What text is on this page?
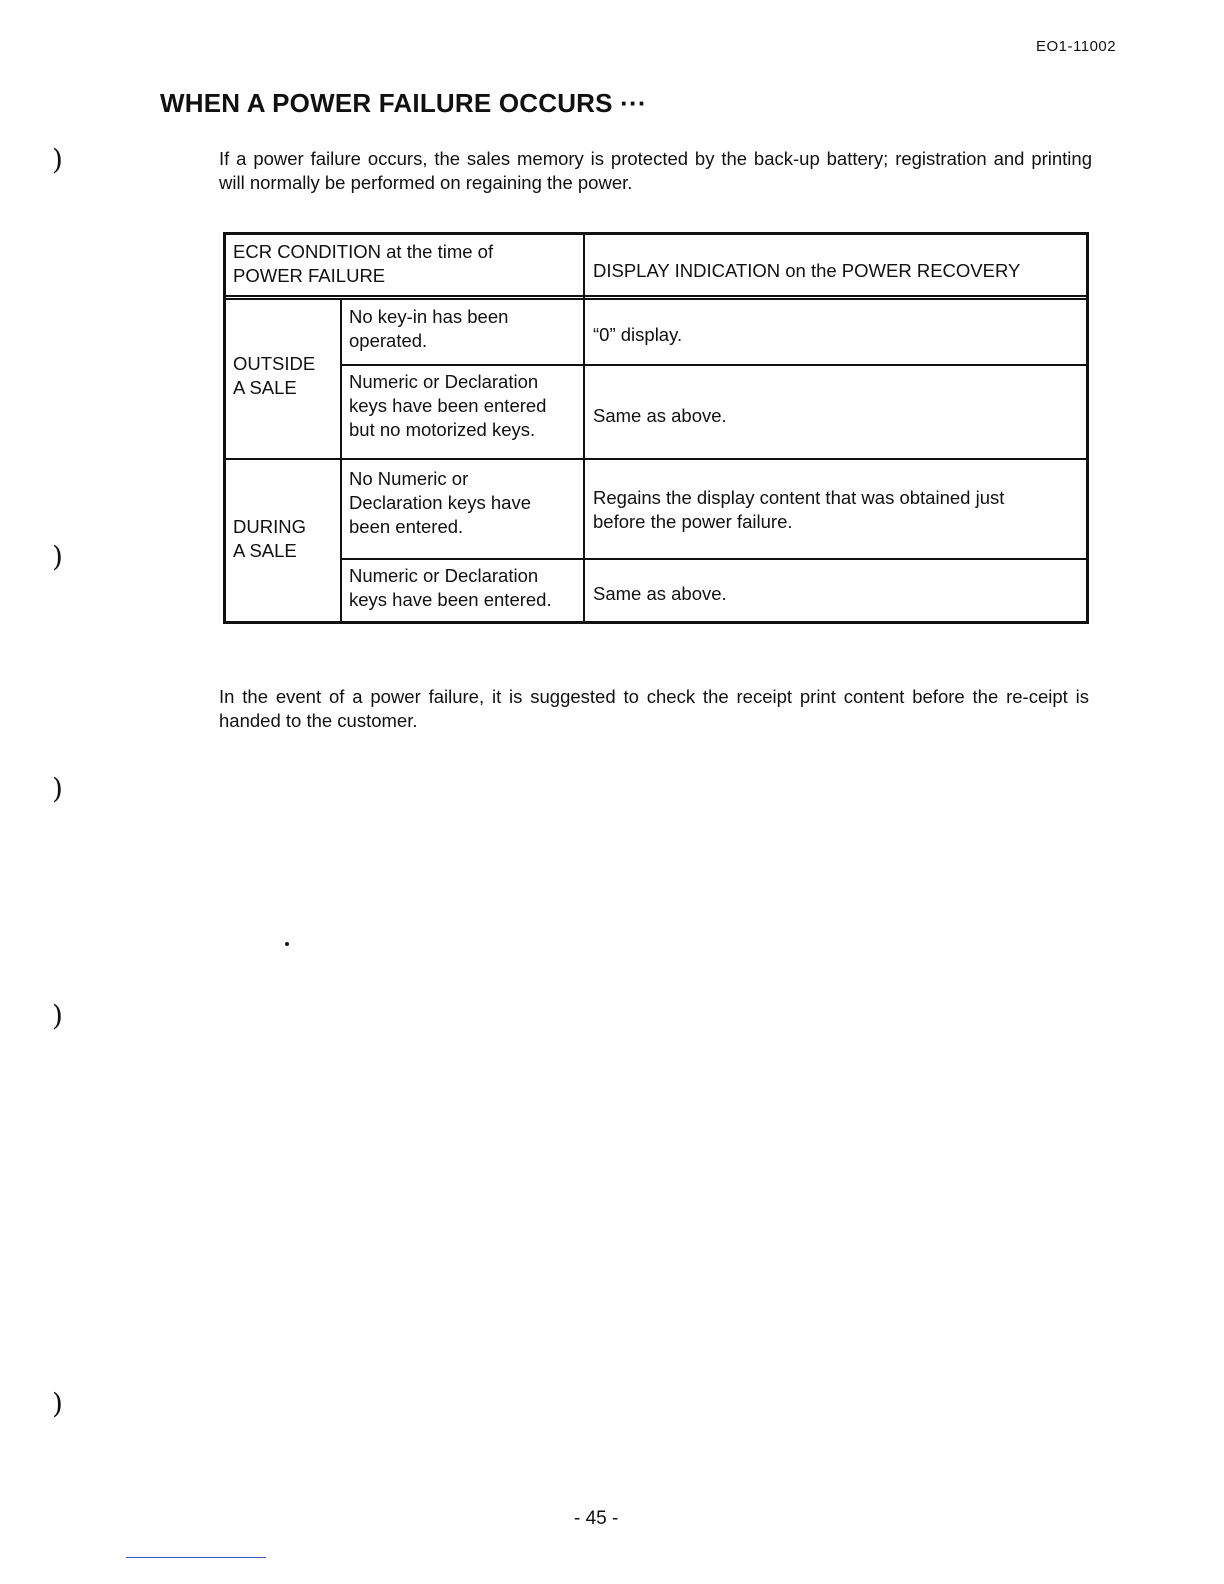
EO1-11002
WHEN A POWER FAILURE OCCURS ···

If a power failure occurs, the sales memory is protected by the back-up battery; registration and printing will normally be performed on regaining the power.

ECR CONDITION at the time of
POWER FAILURE	DISPLAY INDICATION on the POWER RECOVERY
OUTSIDE
A SALE
No key-in has been
operated.	“0” display.
Numeric or Declaration
keys have been entered
but no motorized keys.
Same as above.
DURING
A SALE
No Numeric or
Declaration keys have
been entered.
Regains the display content that was obtained just
before the power failure.
Numeric or Declaration
keys have been entered. Same as above.

In the event of a power failure, it is suggested to check the receipt print content before the re-ceipt is handed to the customer.

)
)
)
)
)
- 45 -
